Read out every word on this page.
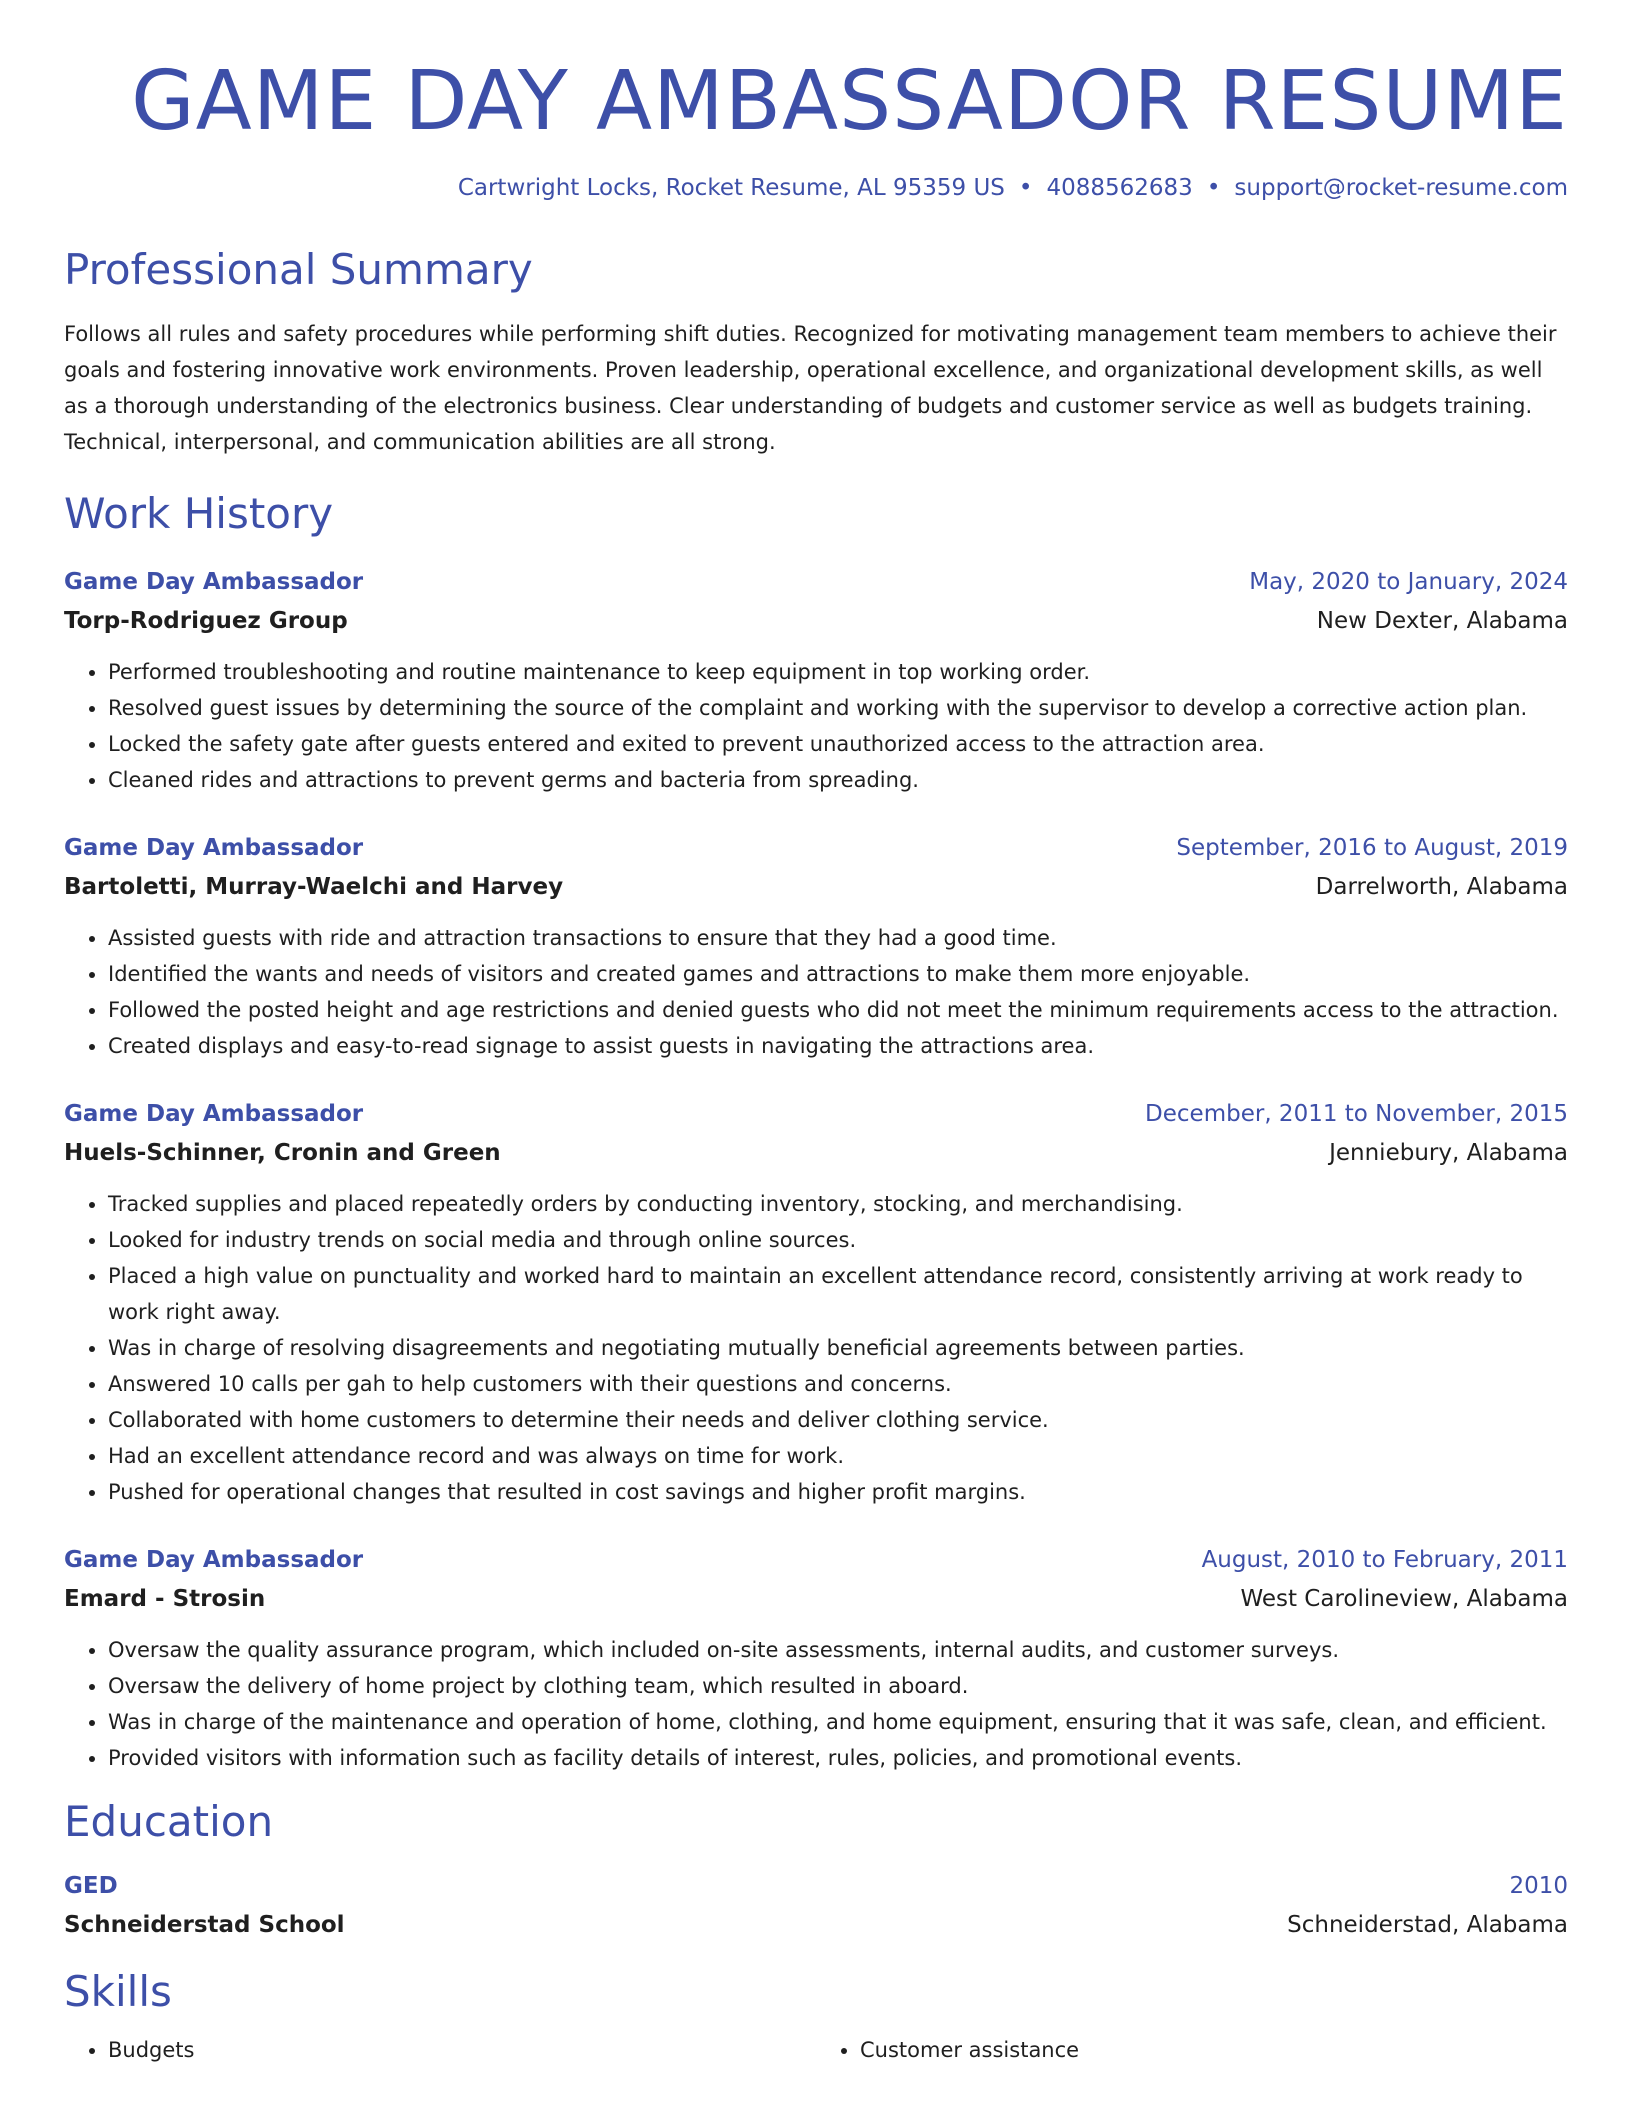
GAME DAY AMBASSADOR RESUME
Cartwright Locks, Rocket Resume, AL 95359 US • 4088562683 • support@rocket-resume.com
Professional Summary

Follows all rules and safety procedures while performing shift duties. Recognized for motivating management team members to achieve their goals and fostering innovative work environments. Proven leadership, operational excellence, and organizational development skills, as well as a thorough understanding of the electronics business. Clear understanding of budgets and customer service as well as budgets training. Technical, interpersonal, and communication abilities are all strong.

Work History
Game Day Ambassador	May, 2020 to January, 2024
Torp-Rodriguez Group	New Dexter, Alabama
• Performed troubleshooting and routine maintenance to keep equipment in top working order.
• Resolved guest issues by determining the source of the complaint and working with the supervisor to develop a corrective action plan.
• Locked the safety gate after guests entered and exited to prevent unauthorized access to the attraction area.
• Cleaned rides and attractions to prevent germs and bacteria from spreading.
Game Day Ambassador	September, 2016 to August, 2019
Bartoletti, Murray-Waelchi and Harvey	Darrelworth, Alabama
• Assisted guests with ride and attraction transactions to ensure that they had a good time.
• Identified the wants and needs of visitors and created games and attractions to make them more enjoyable.
• Followed the posted height and age restrictions and denied guests who did not meet the minimum requirements access to the attraction.
• Created displays and easy-to-read signage to assist guests in navigating the attractions area.
Game Day Ambassador	December, 2011 to November, 2015
Huels-Schinner, Cronin and Green	Jenniebury, Alabama
• Tracked supplies and placed repeatedly orders by conducting inventory, stocking, and merchandising.
• Looked for industry trends on social media and through online sources.
• Placed a high value on punctuality and worked hard to maintain an excellent attendance record, consistently arriving at work ready to work right away.
• Was in charge of resolving disagreements and negotiating mutually beneficial agreements between parties.
• Answered 10 calls per gah to help customers with their questions and concerns.
• Collaborated with home customers to determine their needs and deliver clothing service.
• Had an excellent attendance record and was always on time for work.
• Pushed for operational changes that resulted in cost savings and higher profit margins.
Game Day Ambassador	August, 2010 to February, 2011
Emard - Strosin	West Carolineview, Alabama
• Oversaw the quality assurance program, which included on-site assessments, internal audits, and customer surveys.
• Oversaw the delivery of home project by clothing team, which resulted in aboard.
• Was in charge of the maintenance and operation of home, clothing, and home equipment, ensuring that it was safe, clean, and efficient.
• Provided visitors with information such as facility details of interest, rules, policies, and promotional events.
Education
GED	2010
Schneiderstad School	Schneiderstad, Alabama
Skills
• Budgets
•	Customer assistance
